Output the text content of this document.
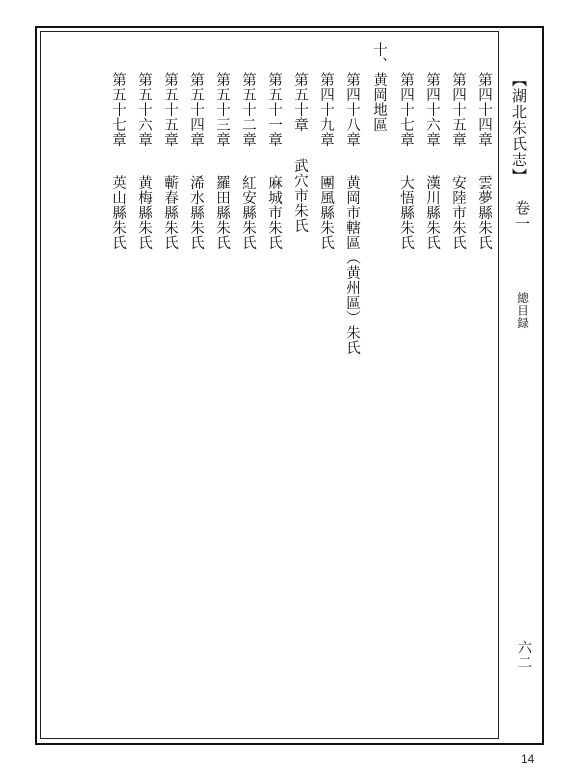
【湖北朱氏志】
卷一
總目録
六二
第四十四章
雲夢縣朱氏
第四十五章
安陸市朱氏
第四十六章
漢川縣朱氏
第四十七章
大悟縣朱氏
十、
黄岡地區
第四十八章
黄岡市轄區（黄州區）朱氏
第四十九章
團風縣朱氏
第五十章
武穴市朱氏
第五十一章
麻城市朱氏
第五十二章
紅安縣朱氏
第五十三章
羅田縣朱氏
第五十四章
浠水縣朱氏
第五十五章
蘄春縣朱氏
第五十六章
黄梅縣朱氏
第五十七章
英山縣朱氏
14
